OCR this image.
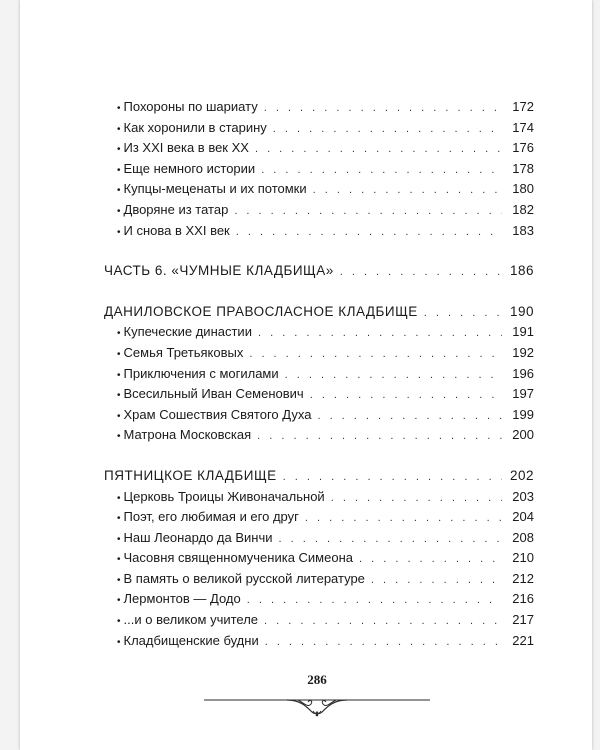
• Похороны по шариату . . .	172
• Как хоронили в старину . . .	174
• Из XXI века в век XX . . .	176
• Еще немного истории . . .	178
• Купцы-меценаты и их потомки . . .	180
• Дворяне из татар . . .	182
• И снова в XXI век . . .	183
ЧАСТЬ 6. «ЧУМНЫЕ КЛАДБИЩА» . . .	186
ДАНИЛОВСКОЕ ПРАВОСЛАСНОЕ КЛАДБИЩЕ . . .	190
• Купеческие династии . . .	191
• Семья Третьяковых . . .	192
• Приключения с могилами . . .	196
• Всесильный Иван Семенович . . .	197
• Храм Сошествия Святого Духа . . .	199
• Матрона Московская . . .	200
ПЯТНИЦКОЕ КЛАДБИЩЕ . . .	202
• Церковь Троицы Живоначальной . . .	203
• Поэт, его любимая и его друг . . .	204
• Наш Леонардо да Винчи . . .	208
• Часовня священномученика Симеона . . .	210
• В память о великой русской литературе . . .	212
• Лермонтов — Додо . . .	216
• ...и о великом учителе . . .	217
• Кладбищенские будни . . .	221
286
